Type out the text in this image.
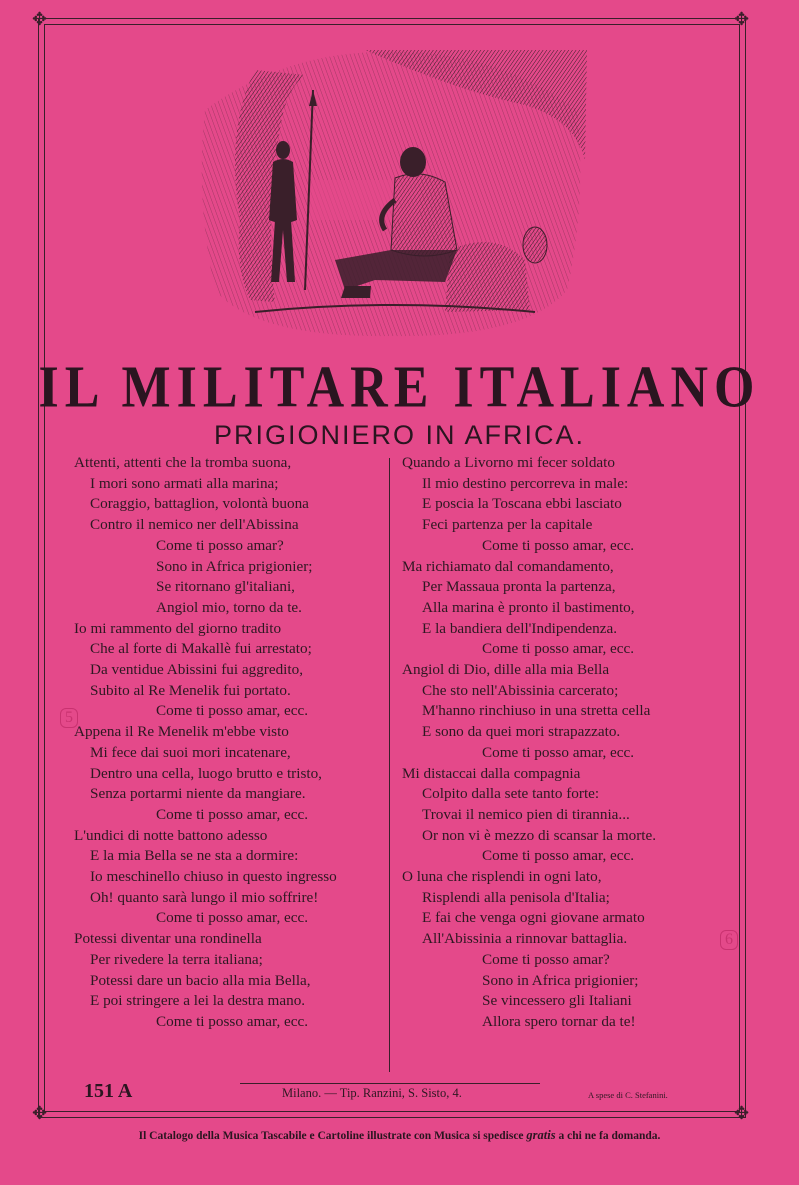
✥	✥
✥	✥
IL MILITARE ITALIANO
PRIGIONIERO IN AFRICA.
Attenti, attenti che la tromba suona,
I mori sono armati alla marina;
Coraggio, battaglion, volontà buona
Contro il nemico ner dell'Abissina
Come ti posso amar?
Sono in Africa prigionier;
Se ritornano gl'italiani,
Angiol mio, torno da te.
Io mi rammento del giorno tradito
Che al forte di Makallè fui arrestato;
Da ventidue Abissini fui aggredito,
Subito al Re Menelik fui portato.
Come ti posso amar, ecc.
Appena il Re Menelik m'ebbe visto
Mi fece dai suoi mori incatenare,
Dentro una cella, luogo brutto e tristo,
Senza portarmi niente da mangiare.
Come ti posso amar, ecc.
L'undici di notte battono adesso
E la mia Bella se ne sta a dormire:
Io meschinello chiuso in questo ingresso
Oh! quanto sarà lungo il mio soffrire!
Come ti posso amar, ecc.
Potessi diventar una rondinella
Per rivedere la terra italiana;
Potessi dare un bacio alla mia Bella,
E poi stringere a lei la destra mano.
Come ti posso amar, ecc.
Quando a Livorno mi fecer soldato
Il mio destino percorreva in male:
E poscia la Toscana ebbi lasciato
Feci partenza per la capitale
Come ti posso amar, ecc.
Ma richiamato dal comandamento,
Per Massaua pronta la partenza,
Alla marina è pronto il bastimento,
E la bandiera dell'Indipendenza.
Come ti posso amar, ecc.
Angiol di Dio, dille alla mia Bella
Che sto nell'Abissinia carcerato;
M'hanno rinchiuso in una stretta cella
E sono da quei mori strapazzato.
Come ti posso amar, ecc.
Mi distaccai dalla compagnia
Colpito dalla sete tanto forte:
Trovai il nemico pien di tirannia...
Or non vi è mezzo di scansar la morte.
Come ti posso amar, ecc.
O luna che risplendi in ogni lato,
Risplendi alla penisola d'Italia;
E fai che venga ogni giovane armato
All'Abissinia a rinnovar battaglia.
Come ti posso amar?
Sono in Africa prigionier;
Se vincessero gli Italiani
Allora spero tornar da te!
5
6
151 A	Milano. — Tip. Ranzini, S. Sisto, 4.	A spese di C. Stefanini.
Il Catalogo della Musica Tascabile e Cartoline illustrate con Musica si spedisce gratis a chi ne fa domanda.
